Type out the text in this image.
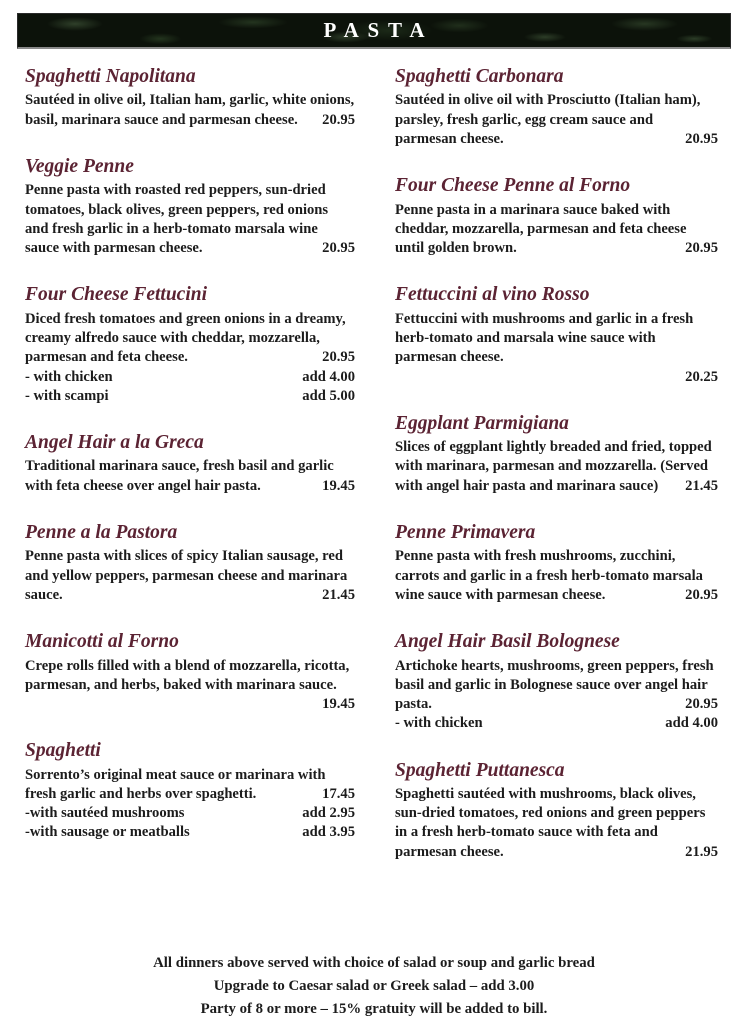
PASTA
Spaghetti Napolitana

Sautéed in olive oil, Italian ham, garlic, white onions, basil, marinara sauce and parmesan cheese. 20.95

Veggie Penne

Penne pasta with roasted red peppers, sun-dried tomatoes, black olives, green peppers, red onions and fresh garlic in a herb-tomato marsala wine sauce with parmesan cheese.	20.95

Four Cheese Fettucini

Diced fresh tomatoes and green onions in a dreamy, creamy alfredo sauce with cheddar, mozzarella, parmesan and feta cheese.	20.95

- with chicken	add 4.00
- with scampi	add 5.00
Angel Hair a la Greca

Traditional marinara sauce, fresh basil and garlic with feta cheese over angel hair pasta.	19.45

Penne a la Pastora

Penne pasta with slices of spicy Italian sausage, red and yellow peppers, parmesan cheese and marinara sauce.	21.45

Manicotti al Forno

Crepe rolls filled with a blend of mozzarella, ricotta, parmesan, and herbs, baked with marinara sauce.

19.45
Spaghetti

Sorrento’s original meat sauce or marinara with fresh garlic and herbs over spaghetti.	17.45

-with sautéed mushrooms	add 2.95
-with sausage or meatballs	add 3.95
Spaghetti Carbonara

Sautéed in olive oil with Prosciutto (Italian ham), parsley, fresh garlic, egg cream sauce and parmesan cheese.	20.95

Four Cheese Penne al Forno

Penne pasta in a marinara sauce baked with cheddar, mozzarella, parmesan and feta cheese until golden brown.	20.95

Fettuccini al vino Rosso

Fettuccini with mushrooms and garlic in a fresh herb-tomato and marsala wine sauce with parmesan cheese.

20.25
Eggplant Parmigiana

Slices of eggplant lightly breaded and fried, topped with marinara, parmesan and mozzarella. (Served with angel hair pasta and marinara sauce) 21.45

Penne Primavera

Penne pasta with fresh mushrooms, zucchini, carrots and garlic in a fresh herb-tomato marsala wine sauce with parmesan cheese.	20.95

Angel Hair Basil Bolognese

Artichoke hearts, mushrooms, green peppers, fresh basil and garlic in Bolognese sauce over angel hair pasta.	20.95

- with chicken	add 4.00
Spaghetti Puttanesca

Spaghetti sautéed with mushrooms, black olives, sun-dried tomatoes, red onions and green peppers in a fresh herb-tomato sauce with feta and parmesan cheese.	21.95

All dinners above served with choice of salad or soup and garlic bread
Upgrade to Caesar salad or Greek salad – add 3.00
Party of 8 or more – 15% gratuity will be added to bill.
